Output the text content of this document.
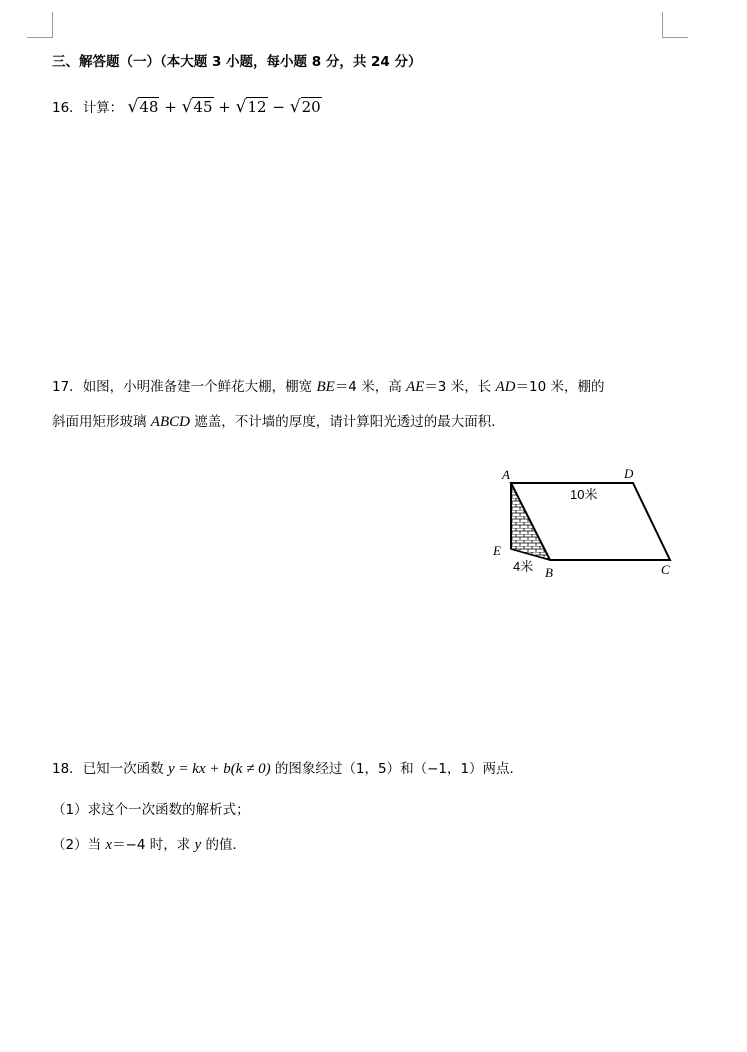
三、解答题（一）（本大题 3 小题，每小题 8 分，共 24 分）
16．计算： √48 + √45 + √12 − √20
17．如图，小明准备建一个鲜花大棚，棚宽 BE＝4 米，高 AE＝3 米，长 AD＝10 米，棚的
斜面用矩形玻璃 ABCD 遮盖，不计墙的厚度，请计算阳光透过的最大面积．
A	D
E
B	C
10米
4米
18．已知一次函数 y = kx + b(k ≠ 0) 的图象经过（1，5）和（−1，1）两点．
（1）求这个一次函数的解析式；
（2）当 x＝−4 时，求 y 的值．
